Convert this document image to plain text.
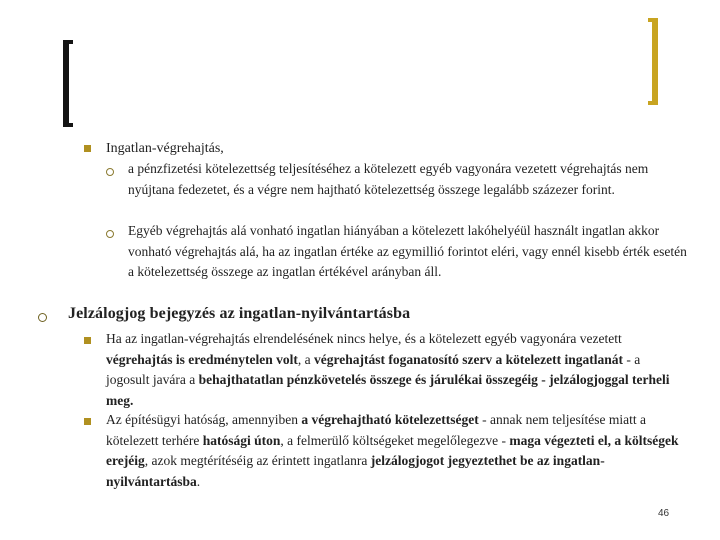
Ingatlan-végrehajtás,
a pénzfizetési kötelezettség teljesítéséhez a kötelezett egyéb vagyonára vezetett végrehajtás nem nyújtana fedezetet, és a végre nem hajtható kötelezettség összege legalább százezer forint.
Egyéb végrehajtás alá vonható ingatlan hiányában a kötelezett lakóhelyéül használt ingatlan akkor vonható végrehajtás alá, ha az ingatlan értéke az egymillió forintot eléri, vagy ennél kisebb érték esetén a kötelezettség összege az ingatlan értékével arányban áll.
Jelzálogjog bejegyzés az ingatlan-nyilvántartásba
Ha az ingatlan-végrehajtás elrendelésének nincs helye, és a kötelezett egyéb vagyonára vezetett végrehajtás is eredménytelen volt, a végrehajtást foganatosító szerv a kötelezett ingatlanát - a jogosult javára a behajthatatlan pénzkövetelés összege és járulékai összegéig - jelzálogjoggal terheli meg.
Az építésügyi hatóság, amennyiben a végrehajtható kötelezettséget - annak nem teljesítése miatt a kötelezett terhére hatósági úton, a felmerülő költségeket megelőlegezve - maga végezteti el, a költségek erejéig, azok megtérítéséig az érintett ingatlanra jelzálogjogot jegyeztethet be az ingatlan-nyilvántartásba.
46
